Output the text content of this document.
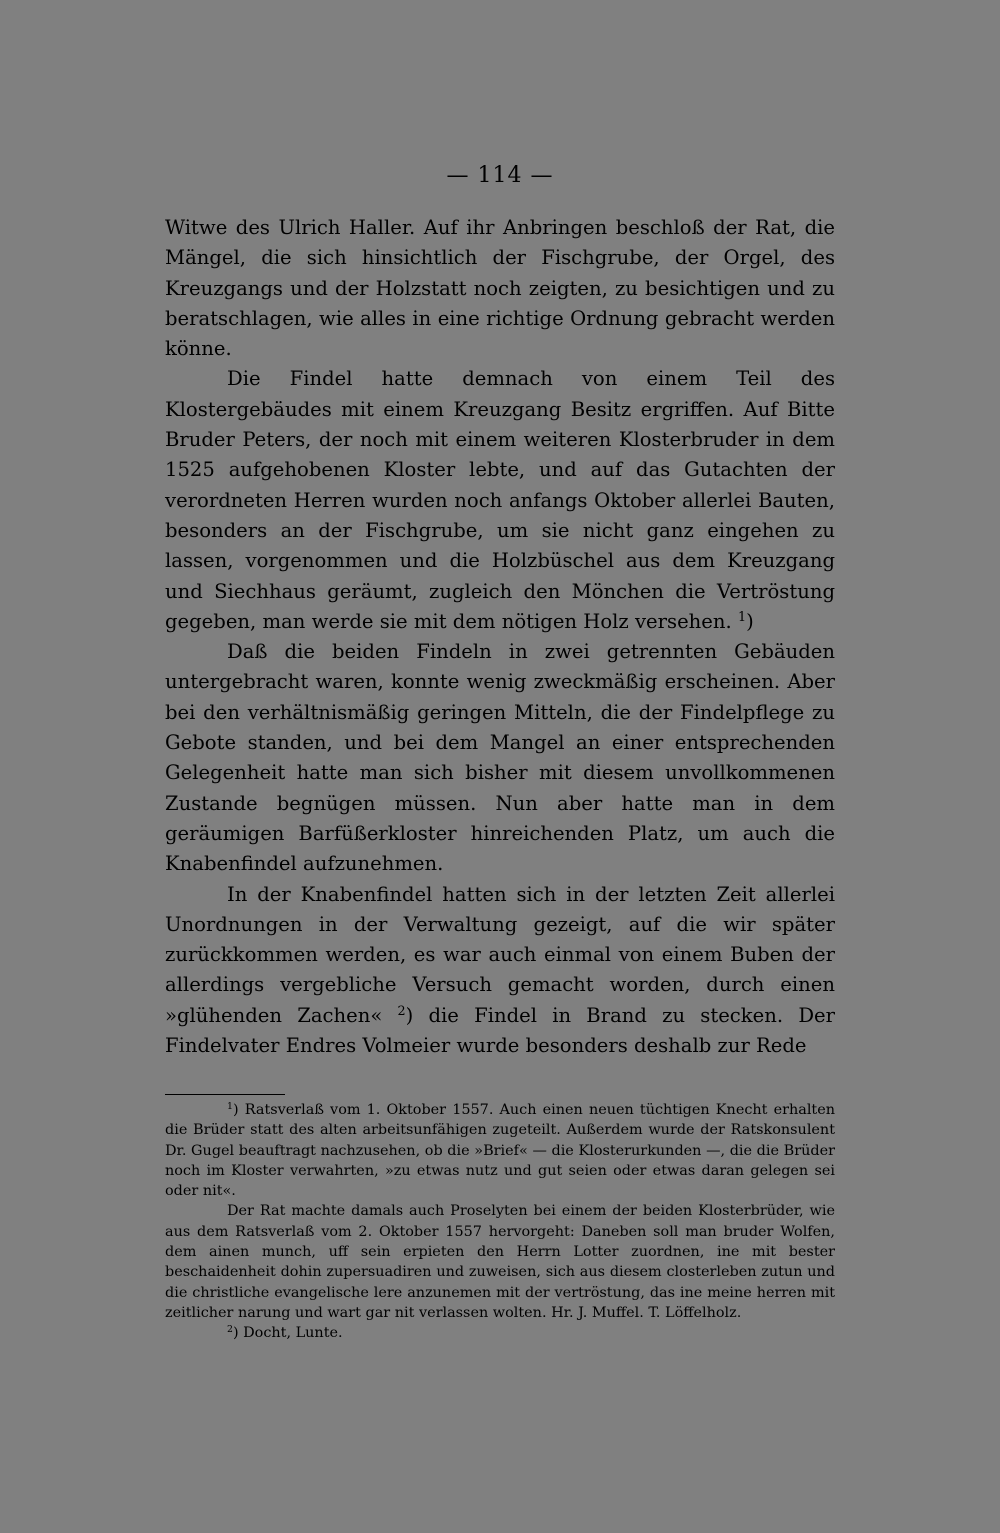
— 114 —

Witwe des Ulrich Haller. Auf ihr Anbringen beschloß der Rat, die Mängel, die sich hinsichtlich der Fischgrube, der Orgel, des Kreuzgangs und der Holzstatt noch zeigten, zu besichtigen und zu beratschlagen, wie alles in eine richtige Ordnung gebracht werden könne.

Die Findel hatte demnach von einem Teil des Klostergebäudes mit einem Kreuzgang Besitz ergriffen. Auf Bitte Bruder Peters, der noch mit einem weiteren Klosterbruder in dem 1525 aufgehobenen Kloster lebte, und auf das Gutachten der verordneten Herren wurden noch anfangs Oktober allerlei Bauten, besonders an der Fischgrube, um sie nicht ganz eingehen zu lassen, vorgenommen und die Holzbüschel aus dem Kreuzgang und Siechhaus geräumt, zugleich den Mönchen die Vertröstung gegeben, man werde sie mit dem nötigen Holz versehen. $^1$)

Daß die beiden Findeln in zwei getrennten Gebäuden untergebracht waren, konnte wenig zweckmäßig erscheinen. Aber bei den verhältnismäßig geringen Mitteln, die der Findelpflege zu Gebote standen, und bei dem Mangel an einer entsprechenden Gelegenheit hatte man sich bisher mit diesem unvollkommenen Zustande begnügen müssen. Nun aber hatte man in dem geräumigen Barfüßerkloster hinreichenden Platz, um auch die Knabenfindel aufzunehmen.

In der Knabenfindel hatten sich in der letzten Zeit allerlei Unordnungen in der Verwaltung gezeigt, auf die wir später zurückkommen werden, es war auch einmal von einem Buben der allerdings vergebliche Versuch gemacht worden, durch einen »glühenden Zachen« $^2$) die Findel in Brand zu stecken. Der Findelvater Endres Volmeier wurde besonders deshalb zur Rede

$^1$) Ratsverlaß vom 1. Oktober 1557. Auch einen neuen tüchtigen Knecht erhalten die Brüder statt des alten arbeitsunfähigen zugeteilt. Außerdem wurde der Ratskonsulent Dr. Gugel beauftragt nachzusehen, ob die »Brief« — die Klosterurkunden —, die die Brüder noch im Kloster verwahrten, »zu etwas nutz und gut seien oder etwas daran gelegen sei oder nit«.

Der Rat machte damals auch Proselyten bei einem der beiden Klosterbrüder, wie aus dem Ratsverlaß vom 2. Oktober 1557 hervorgeht: Daneben soll man bruder Wolfen, dem ainen munch, uff sein erpieten den Herrn Lotter zuordnen, ine mit bester beschaidenheit dohin zupersuadiren und zuweisen, sich aus diesem closterleben zutun und die christliche evangelische lere anzunemen mit der vertröstung, das ine meine herren mit zeitlicher narung und wart gar nit verlassen wolten. Hr. J. Muffel. T. Löffelholz.

$^2$) Docht, Lunte.
